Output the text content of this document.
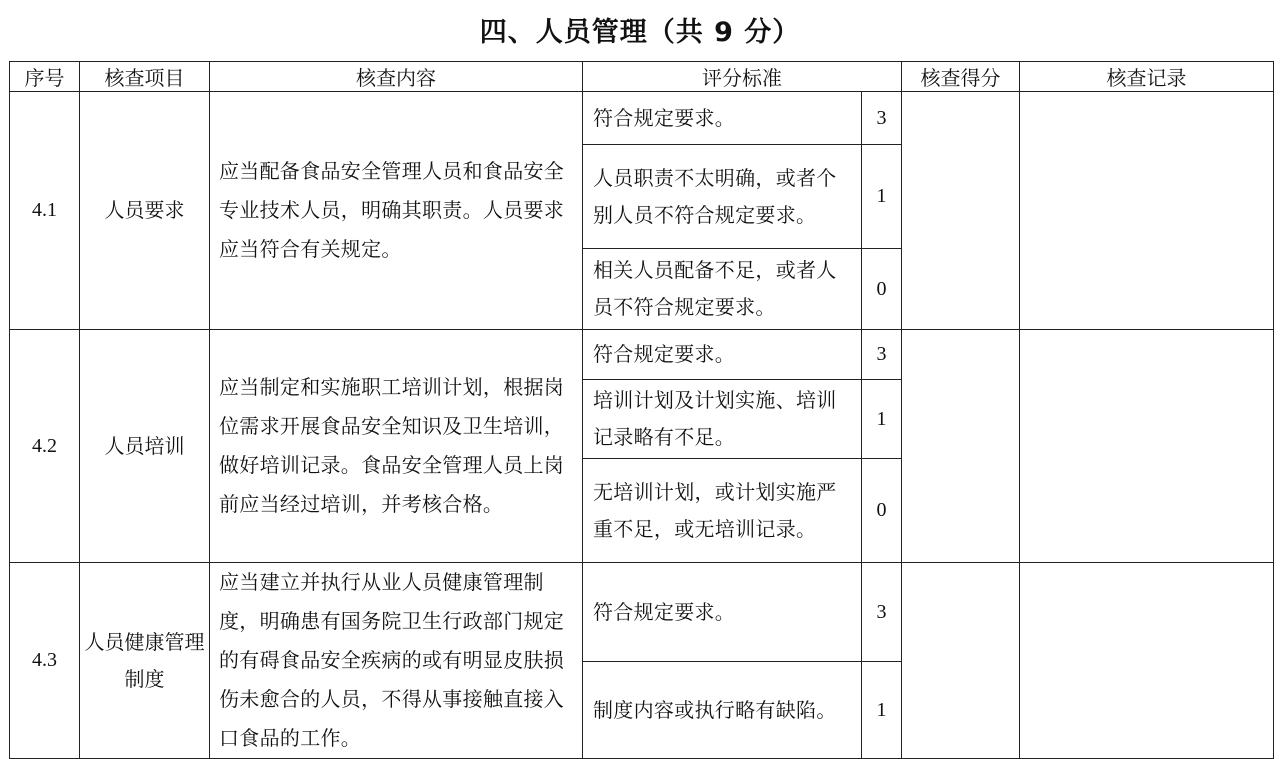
四、人员管理（共 9 分）
序号	核查项目	核查内容	评分标准		核查得分	核查记录
4.1	人员要求	应当配备食品安全管理人员和食品安全专业技术人员，明确其职责。人员要求应当符合有关规定。	符合规定要求。	3		
			人员职责不太明确，或者个别人员不符合规定要求。	1		
			相关人员配备不足，或者人员不符合规定要求。	0		
4.2	人员培训	应当制定和实施职工培训计划，根据岗位需求开展食品安全知识及卫生培训，做好培训记录。食品安全管理人员上岗前应当经过培训，并考核合格。	符合规定要求。	3		
			培训计划及计划实施、培训记录略有不足。	1		
			无培训计划，或计划实施严重不足，或无培训记录。	0		
4.3	人员健康管理制度	应当建立并执行从业人员健康管理制度，明确患有国务院卫生行政部门规定的有碍食品安全疾病的或有明显皮肤损伤未愈合的人员，不得从事接触直接入口食品的工作。	符合规定要求。	3		
			制度内容或执行略有缺陷。	1		
